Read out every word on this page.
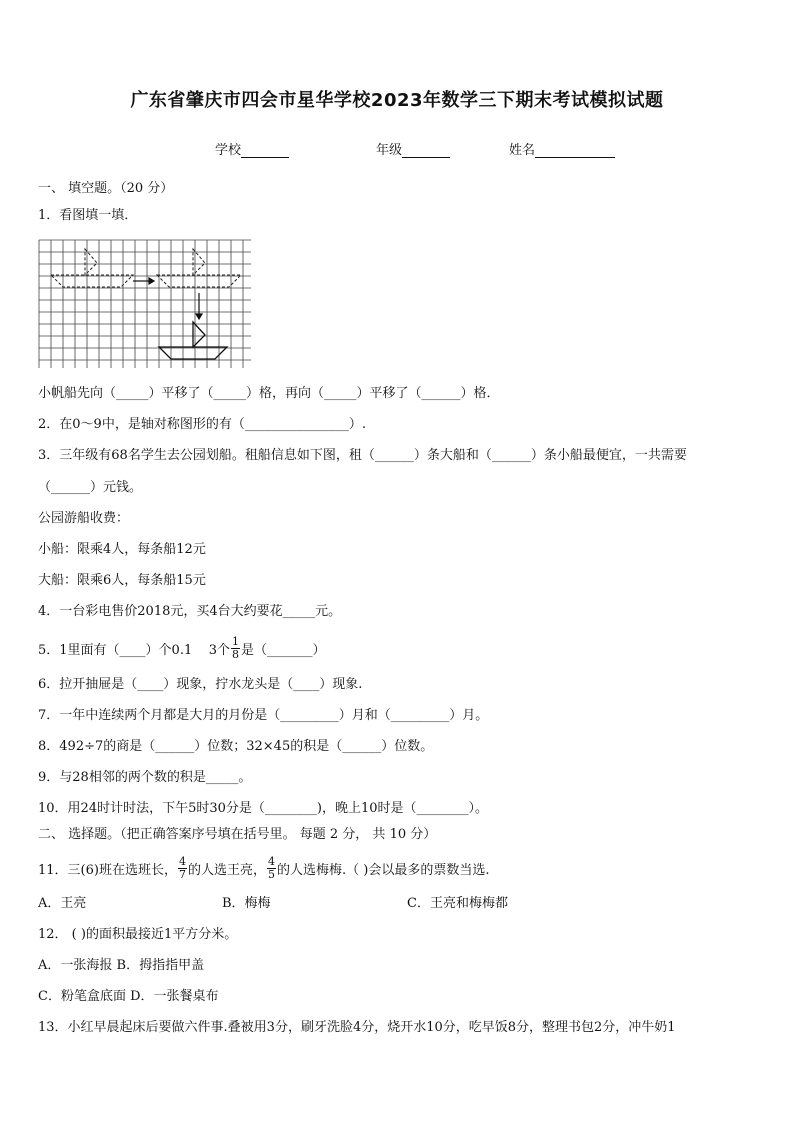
广东省肇庆市四会市星华学校2023年数学三下期末考试模拟试题
学校	年级	姓名
一、 填空题。（20 分）
1．看图填一填．
小帆船先向（_____）平移了（_____）格，再向（_____）平移了（______）格．
2．在0～9中，是轴对称图形的有（________________）.
3．三年级有68名学生去公园划船。租船信息如下图，租（______）条大船和（______）条小船最便宜，一共需要
（______）元钱。
公园游船收费：
小船：限乘4人，每条船12元
大船：限乘6人，每条船15元
4．一台彩电售价2018元，买4台大约要花_____元。
5．1里面有（____）个0.1 3个 $\frac{1}{8}$ 是（_______）
6．拉开抽屉是（____）现象，拧水龙头是（____）现象.
7．一年中连续两个月都是大月的月份是（_________）月和（_________）月。
8．492÷7的商是（______）位数；32×45的积是（______）位数。
9．与28相邻的两个数的积是_____。
10．用24时计时法，下午5时30分是（________)，晚上10时是（________）。
二、 选择题。（把正确答案序号填在括号里。 每题 2 分， 共 10 分）
11．三(6)班在选班长， $\frac{4}{7}$ 的人选王亮， $\frac{4}{5}$ 的人选梅梅.（ )会以最多的票数当选.
A．王亮	B．梅梅	C．王亮和梅梅都
12． ( )的面积最接近1平方分米。
A．一张海报 B．拇指指甲盖
C．粉笔盒底面 D．一张餐桌布
13．小红早晨起床后要做六件事.叠被用3分，刷牙洗脸4分，烧开水10分，吃早饭8分，整理书包2分，冲牛奶1
